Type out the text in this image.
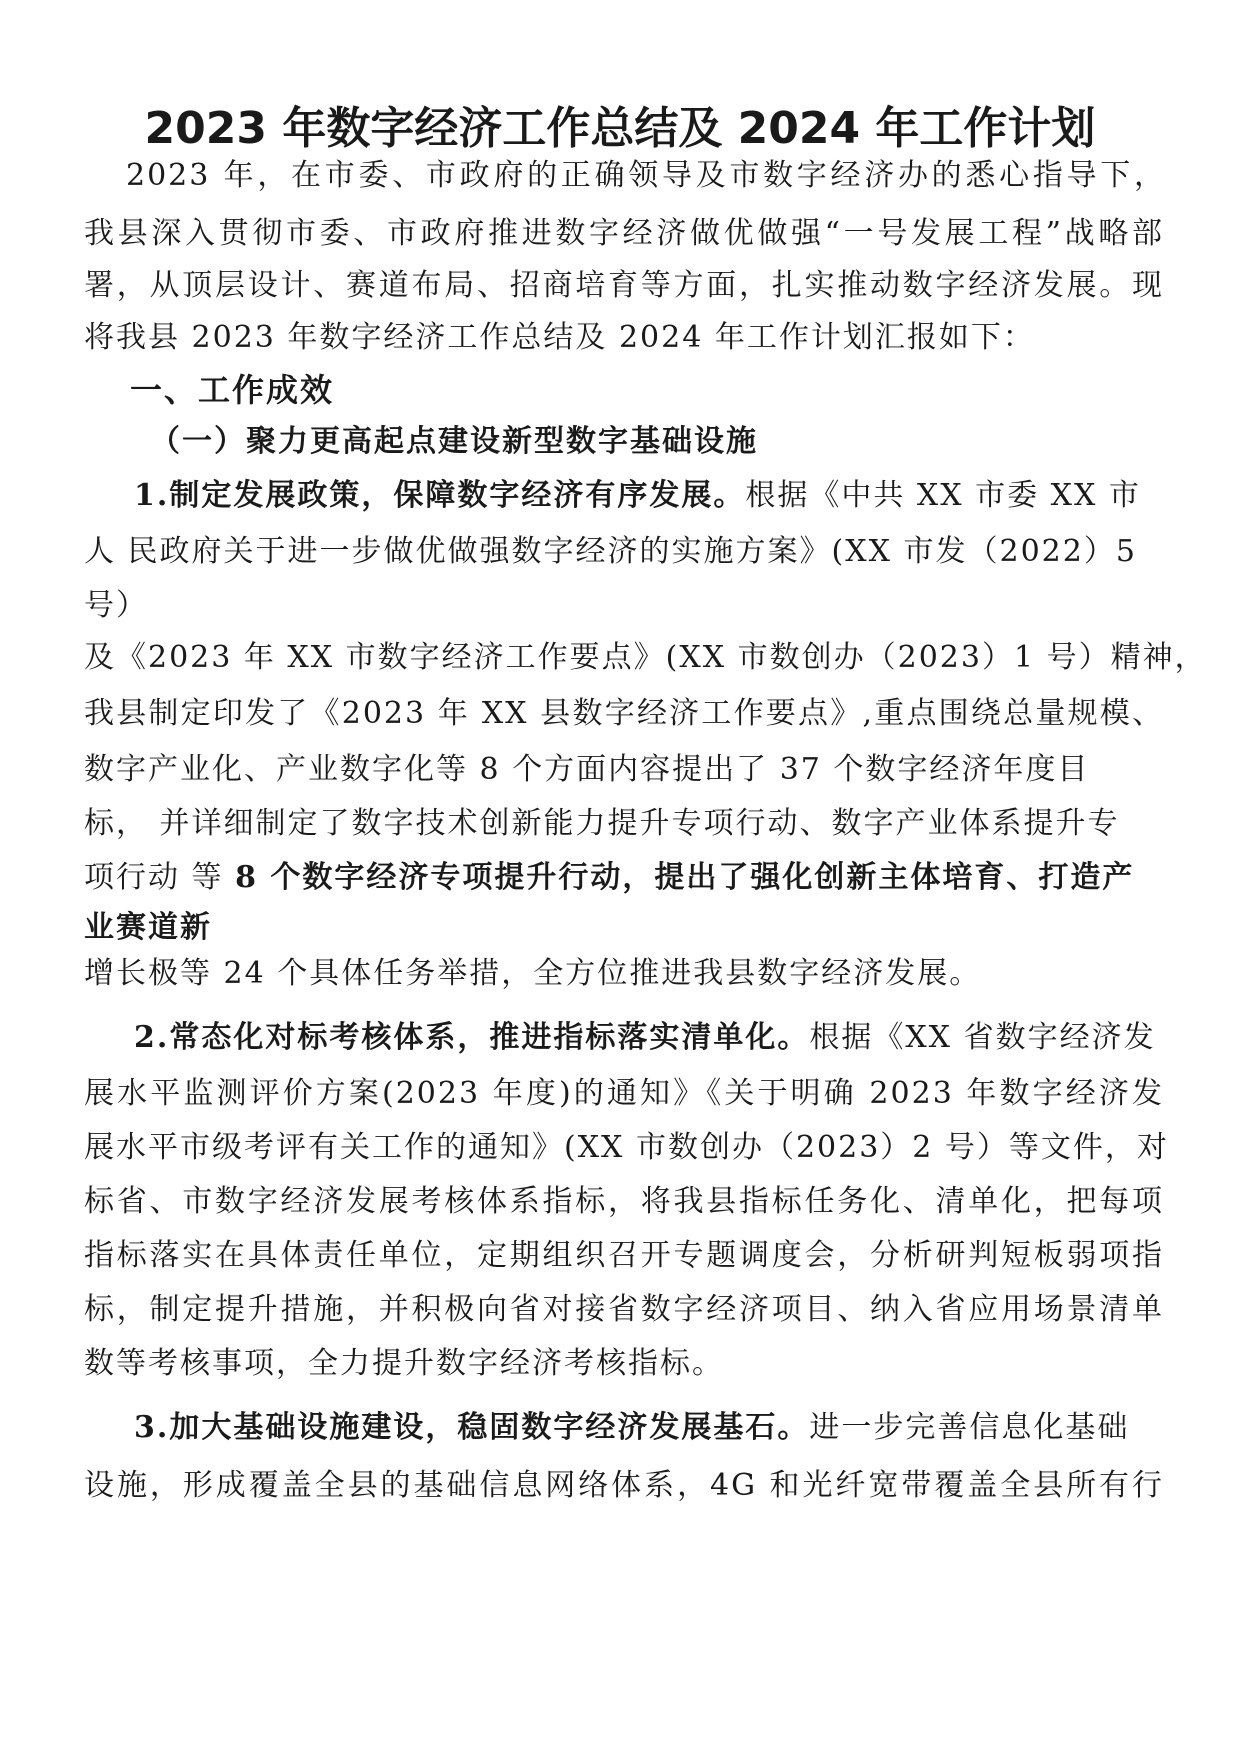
2023 年数字经济工作总结及 2024 年工作计划
2023 年，在市委、市政府的正确领导及市数字经济办的悉心指导下，
我县深入贯彻市委、市政府推进数字经济做优做强“一号发展工程”战略部
署，从顶层设计、赛道布局、招商培育等方面，扎实推动数字经济发展。现
将我县 2023 年数字经济工作总结及 2024 年工作计划汇报如下：
一、工作成效
（一）聚力更高起点建设新型数字基础设施
1.制定发展政策，保障数字经济有序发展。根据《中共 XX 市委 XX 市
人 民政府关于进一步做优做强数字经济的实施方案》(XX 市发（2022）5
号）
及《2023 年 XX 市数字经济工作要点》(XX 市数创办（2023）1 号）精神，
我县制定印发了《2023 年 XX 县数字经济工作要点》,重点围绕总量规模、
数字产业化、产业数字化等 8 个方面内容提出了 37 个数字经济年度目
标， 并详细制定了数字技术创新能力提升专项行动、数字产业体系提升专
项行动 等 8 个数字经济专项提升行动，提出了强化创新主体培育、打造产
业赛道新
增长极等 24 个具体任务举措，全方位推进我县数字经济发展。
2.常态化对标考核体系，推进指标落实清单化。根据《XX 省数字经济发
展水平监测评价方案(2023 年度)的通知》《关于明确 2023 年数字经济发
展水平市级考评有关工作的通知》(XX 市数创办（2023）2 号）等文件，对
标省、市数字经济发展考核体系指标，将我县指标任务化、清单化，把每项
指标落实在具体责任单位，定期组织召开专题调度会，分析研判短板弱项指
标，制定提升措施，并积极向省对接省数字经济项目、纳入省应用场景清单
数等考核事项，全力提升数字经济考核指标。
3.加大基础设施建设，稳固数字经济发展基石。进一步完善信息化基础
设施，形成覆盖全县的基础信息网络体系，4G 和光纤宽带覆盖全县所有行
